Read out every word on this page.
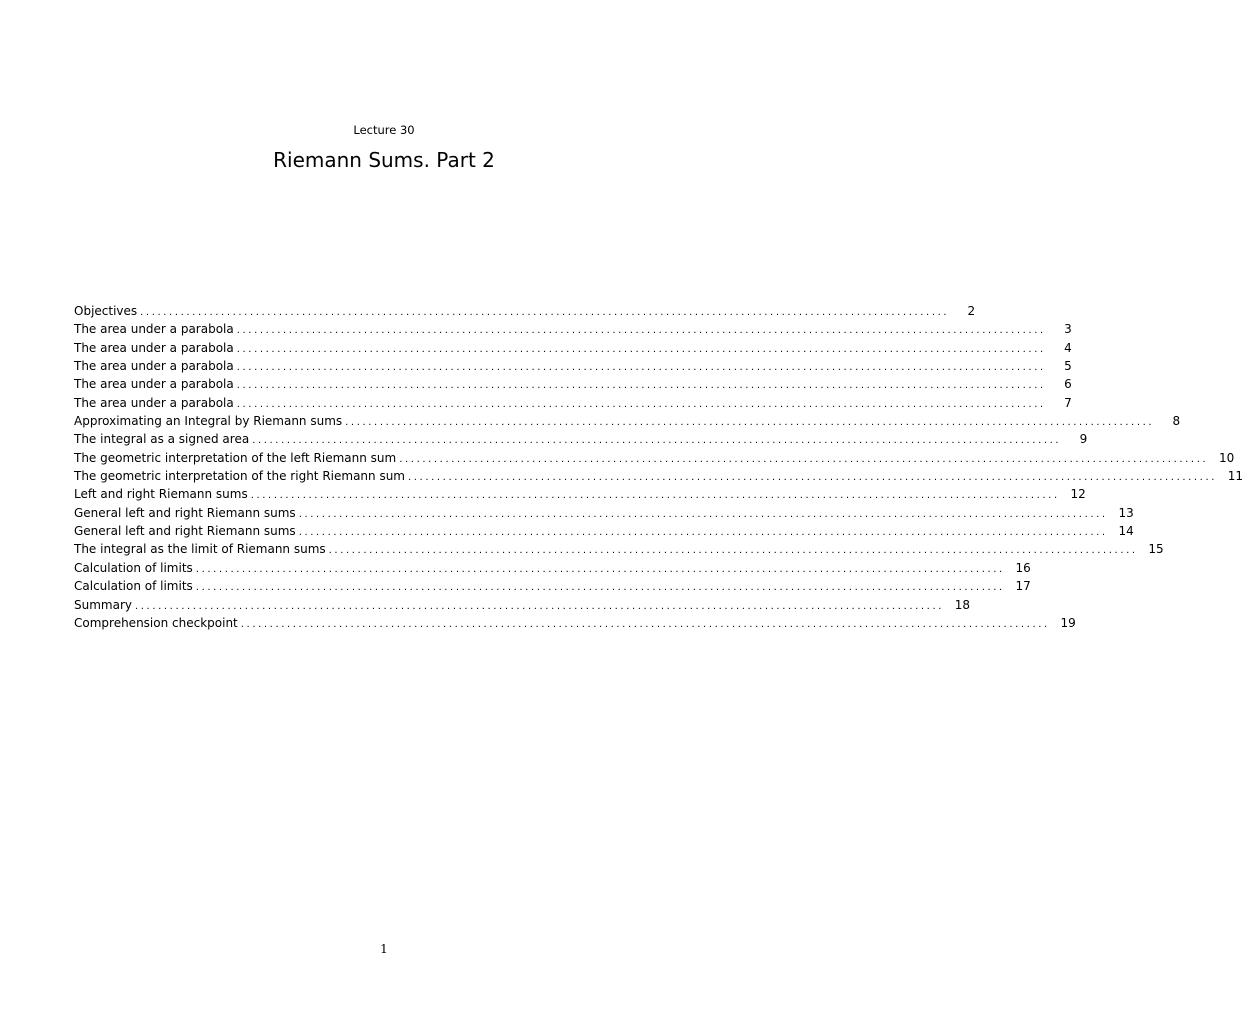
Lecture 30
Riemann Sums. Part 2
Objectives ............................................................................................................................................	2
The area under a parabola ............................................................................................................................................	3
The area under a parabola ............................................................................................................................................	4
The area under a parabola ............................................................................................................................................	5
The area under a parabola ............................................................................................................................................	6
The area under a parabola ............................................................................................................................................	7
Approximating an Integral by Riemann sums ............................................................................................................................................	8
The integral as a signed area ............................................................................................................................................	9
The geometric interpretation of the left Riemann sum ............................................................................................................................................ 10
The geometric interpretation of the right Riemann sum ............................................................................................................................................ 11
Left and right Riemann sums ............................................................................................................................................ 12
General left and right Riemann sums ............................................................................................................................................ 13
General left and right Riemann sums ............................................................................................................................................ 14
The integral as the limit of Riemann sums ............................................................................................................................................ 15
Calculation of limits ............................................................................................................................................ 16
Calculation of limits ............................................................................................................................................ 17
Summary ............................................................................................................................................ 18
Comprehension checkpoint ............................................................................................................................................ 19
1
